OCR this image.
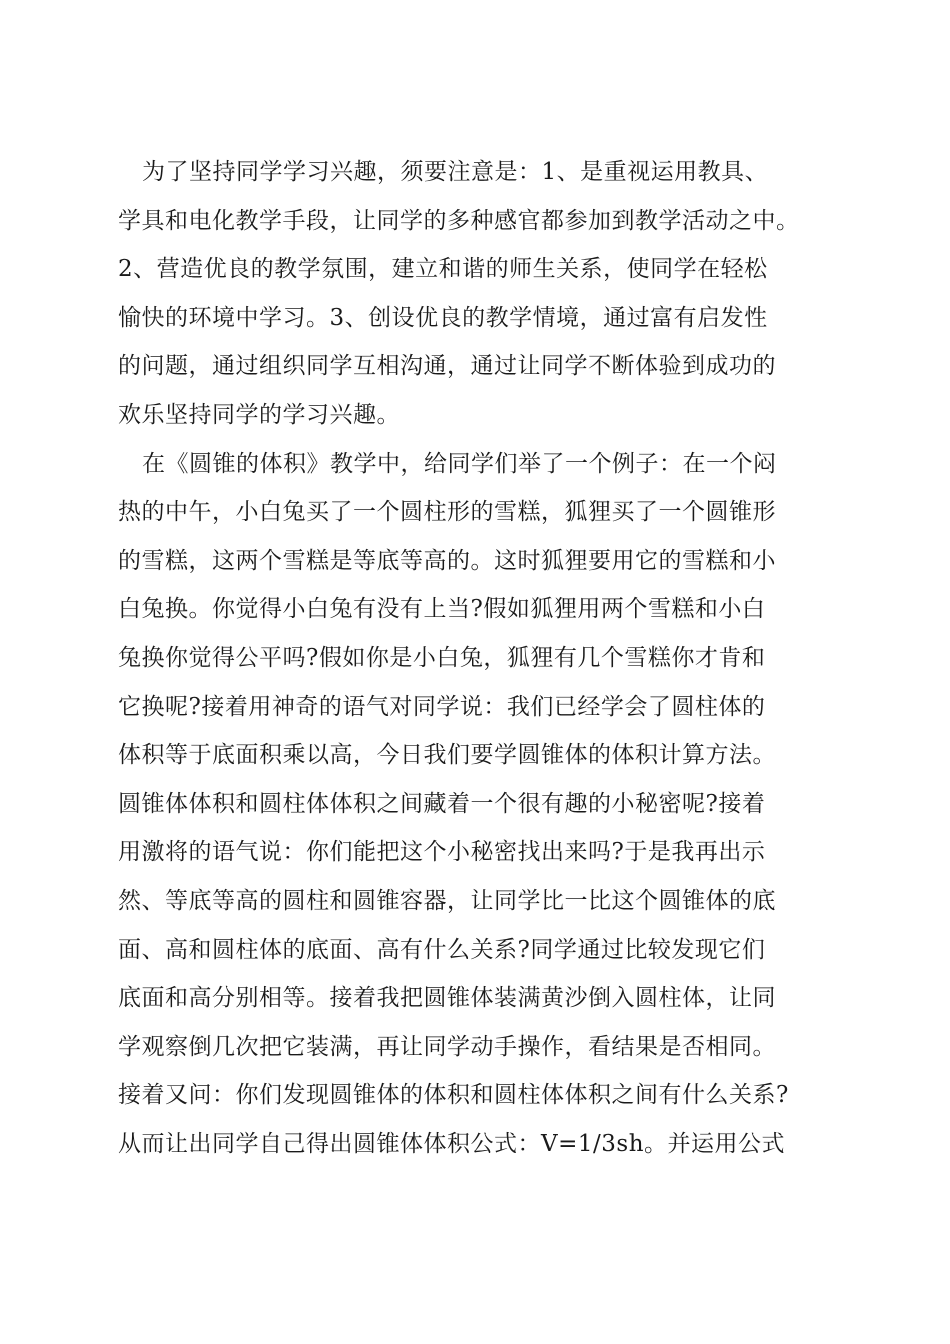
为了坚持同学学习兴趣，须要注意是：1、是重视运用教具、
学具和电化教学手段，让同学的多种感官都参加到教学活动之中。
2、营造优良的教学氛围，建立和谐的师生关系，使同学在轻松
愉快的环境中学习。3、创设优良的教学情境，通过富有启发性
的问题，通过组织同学互相沟通，通过让同学不断体验到成功的
欢乐坚持同学的学习兴趣。
在《圆锥的体积》教学中，给同学们举了一个例子：在一个闷
热的中午，小白兔买了一个圆柱形的雪糕，狐狸买了一个圆锥形
的雪糕，这两个雪糕是等底等高的。这时狐狸要用它的雪糕和小
白兔换。你觉得小白兔有没有上当?假如狐狸用两个雪糕和小白
兔换你觉得公平吗?假如你是小白兔，狐狸有几个雪糕你才肯和
它换呢?接着用神奇的语气对同学说：我们已经学会了圆柱体的
体积等于底面积乘以高，今日我们要学圆锥体的体积计算方法。
圆锥体体积和圆柱体体积之间藏着一个很有趣的小秘密呢?接着
用激将的语气说：你们能把这个小秘密找出来吗?于是我再出示
然、等底等高的圆柱和圆锥容器，让同学比一比这个圆锥体的底
面、高和圆柱体的底面、高有什么关系?同学通过比较发现它们
底面和高分别相等。接着我把圆锥体装满黄沙倒入圆柱体，让同
学观察倒几次把它装满，再让同学动手操作，看结果是否相同。
接着又问：你们发现圆锥体的体积和圆柱体体积之间有什么关系?
从而让出同学自己得出圆锥体体积公式：V=1/3sh。并运用公式
